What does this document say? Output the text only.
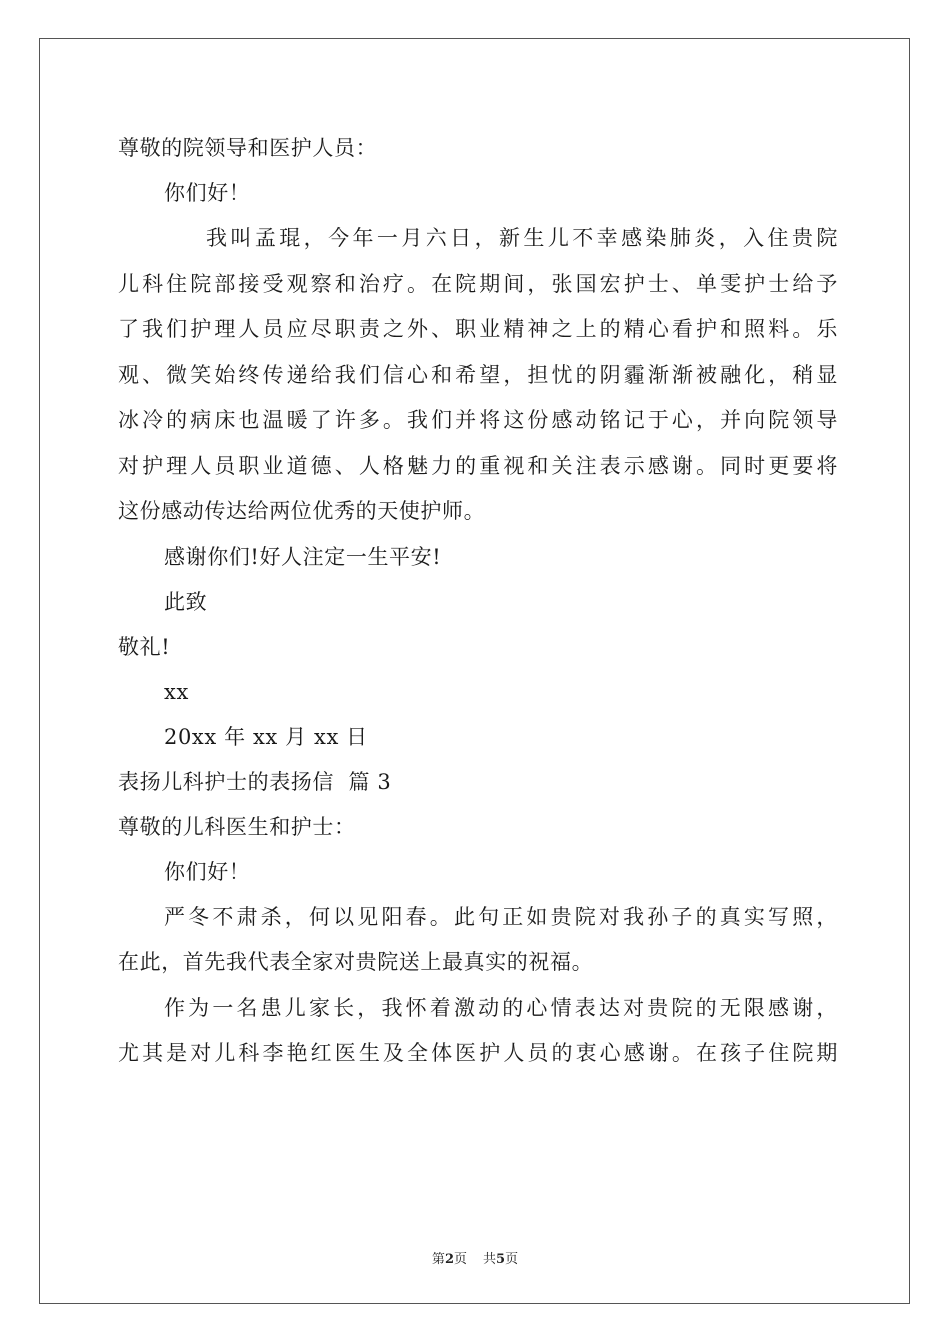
尊敬的院领导和医护人员：
你们好！
我叫孟琨，今年一月六日，新生儿不幸感染肺炎，入住贵院
儿科住院部接受观察和治疗。在院期间，张国宏护士、单雯护士给予
了我们护理人员应尽职责之外、职业精神之上的精心看护和照料。乐
观、微笑始终传递给我们信心和希望，担忧的阴霾渐渐被融化，稍显
冰冷的病床也温暖了许多。我们并将这份感动铭记于心，并向院领导
对护理人员职业道德、人格魅力的重视和关注表示感谢。同时更要将
这份感动传达给两位优秀的天使护师。
感谢你们!好人注定一生平安!
此致
敬礼!
xx
20xx 年 xx 月 xx 日
表扬儿科护士的表扬信  篇 3
尊敬的儿科医生和护士：
你们好！
严冬不肃杀，何以见阳春。此句正如贵院对我孙子的真实写照，
在此，首先我代表全家对贵院送上最真实的祝福。
作为一名患儿家长，我怀着激动的心情表达对贵院的无限感谢，
尤其是对儿科李艳红医生及全体医护人员的衷心感谢。在孩子住院期
第2页 共5页
